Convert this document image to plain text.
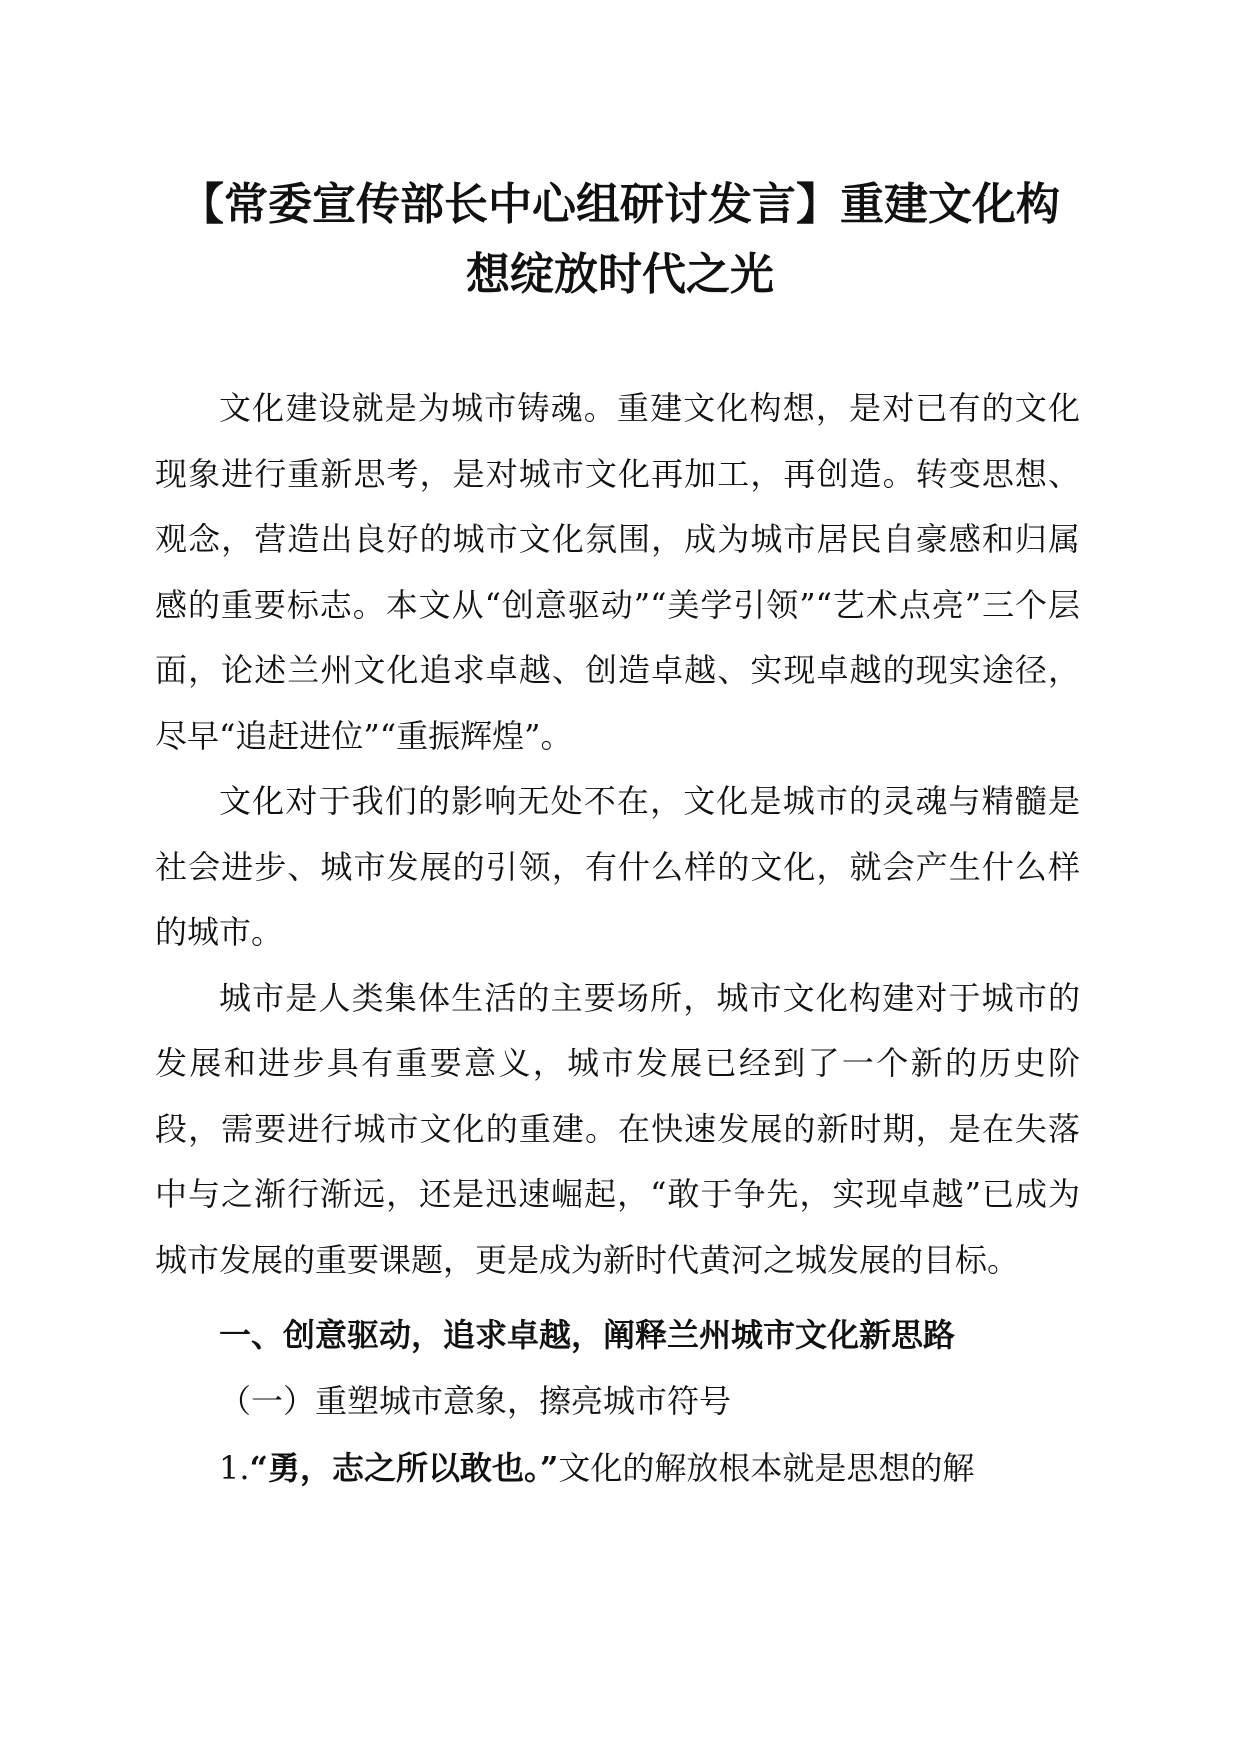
【常委宣传部长中心组研讨发言】重建文化构
想绽放时代之光

文化建设就是为城市铸魂。重建文化构想，是对已有的文化现象进行重新思考，是对城市文化再加工，再创造。转变思想、观念，营造出良好的城市文化氛围，成为城市居民自豪感和归属感的重要标志。本文从“创意驱动”“美学引领”“艺术点亮”三个层面，论述兰州文化追求卓越、创造卓越、实现卓越的现实途径，尽早“追赶进位”“重振辉煌”。

文化对于我们的影响无处不在，文化是城市的灵魂与精髓是社会进步、城市发展的引领，有什么样的文化，就会产生什么样的城市。

城市是人类集体生活的主要场所，城市文化构建对于城市的发展和进步具有重要意义，城市发展已经到了一个新的历史阶段，需要进行城市文化的重建。在快速发展的新时期，是在失落中与之渐行渐远，还是迅速崛起，“敢于争先，实现卓越”已成为城市发展的重要课题，更是成为新时代黄河之城发展的目标。

一、创意驱动，追求卓越，阐释兰州城市文化新思路

（一）重塑城市意象，擦亮城市符号

1.“勇，志之所以敢也。”文化的解放根本就是思想的解
